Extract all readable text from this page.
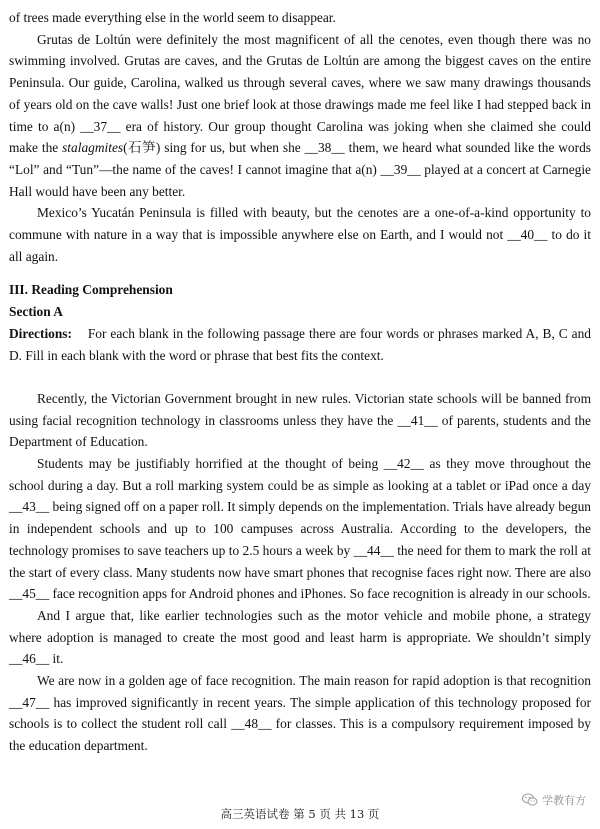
of trees made everything else in the world seem to disappear.

Grutas de Loltún were definitely the most magnificent of all the cenotes, even though there was no swimming involved. Grutas are caves, and the Grutas de Loltún are among the biggest caves on the entire Peninsula. Our guide, Carolina, walked us through several caves, where we saw many drawings thousands of years old on the cave walls! Just one brief look at those drawings made me feel like I had stepped back in time to a(n) __37__ era of history. Our group thought Carolina was joking when she claimed she could make the stalagmites(石笋) sing for us, but when she __38__ them, we heard what sounded like the words “Lol” and “Tun”—the name of the caves! I cannot imagine that a(n) __39__ played at a concert at Carnegie Hall would have been any better.

Mexico’s Yucatán Peninsula is filled with beauty, but the cenotes are a one-of-a-kind opportunity to commune with nature in a way that is impossible anywhere else on Earth, and I would not __40__ to do it all again.

III. Reading Comprehension
Section A

Directions: For each blank in the following passage there are four words or phrases marked A, B, C and D. Fill in each blank with the word or phrase that best fits the context.

Recently, the Victorian Government brought in new rules. Victorian state schools will be banned from using facial recognition technology in classrooms unless they have the __41__ of parents, students and the Department of Education.

Students may be justifiably horrified at the thought of being __42__ as they move throughout the school during a day. But a roll marking system could be as simple as looking at a tablet or iPad once a day __43__ being signed off on a paper roll. It simply depends on the implementation. Trials have already begun in independent schools and up to 100 campuses across Australia. According to the developers, the technology promises to save teachers up to 2.5 hours a week by __44__ the need for them to mark the roll at the start of every class. Many students now have smart phones that recognise faces right now. There are also __45__ face recognition apps for Android phones and iPhones. So face recognition is already in our schools.

And I argue that, like earlier technologies such as the motor vehicle and mobile phone, a strategy where adoption is managed to create the most good and least harm is appropriate. We shouldn’t simply __46__ it.

We are now in a golden age of face recognition. The main reason for rapid adoption is that recognition __47__ has improved significantly in recent years. The simple application of this technology proposed for schools is to collect the student roll call __48__ for classes. This is a compulsory requirement imposed by the education department.

学教有方
高三英语试卷 第 5 页 共 13 页
